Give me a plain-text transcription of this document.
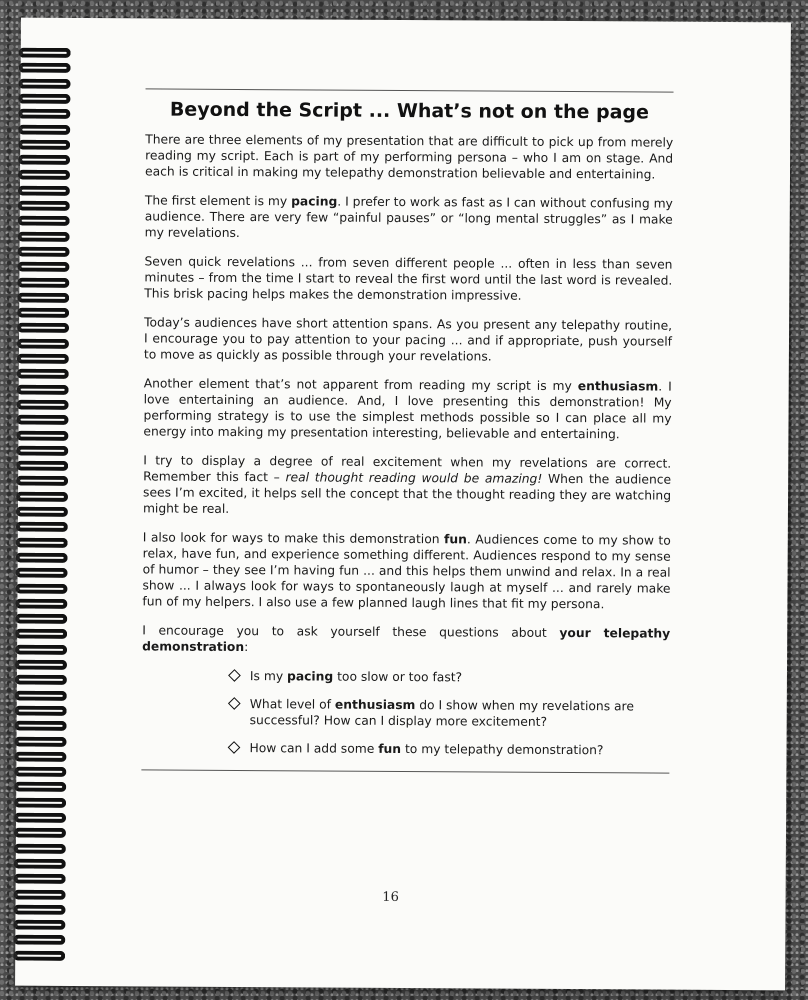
Beyond the Script ... What’s not on the page

There are three elements of my presentation that are difficult to pick up from merely reading my script. Each is part of my performing persona – who I am on stage. And each is critical in making my telepathy demonstration believable and entertaining.

The first element is my pacing. I prefer to work as fast as I can without confusing my audience. There are very few “painful pauses” or “long mental struggles” as I make my revelations.

Seven quick revelations ... from seven different people ... often in less than seven minutes – from the time I start to reveal the first word until the last word is revealed. This brisk pacing helps makes the demonstration impressive.

Today’s audiences have short attention spans. As you present any telepathy routine, I encourage you to pay attention to your pacing ... and if appropriate, push yourself to move as quickly as possible through your revelations.

Another element that’s not apparent from reading my script is my enthusiasm. I love entertaining an audience. And, I love presenting this demonstration! My performing strategy is to use the simplest methods possible so I can place all my energy into making my presentation interesting, believable and entertaining.

I try to display a degree of real excitement when my revelations are correct. Remember this fact – real thought reading would be amazing! When the audience sees I’m excited, it helps sell the concept that the thought reading they are watching might be real.

I also look for ways to make this demonstration fun. Audiences come to my show to relax, have fun, and experience something different. Audiences respond to my sense of humor – they see I’m having fun ... and this helps them unwind and relax. In a real show ... I always look for ways to spontaneously laugh at myself ... and rarely make fun of my helpers. I also use a few planned laugh lines that fit my persona.

I encourage you to ask yourself these questions about your telepathy demonstration:

Is my pacing too slow or too fast?
What level of enthusiasm do I show when my revelations are successful? How can I display more excitement?
How can I add some fun to my telepathy demonstration?
16
